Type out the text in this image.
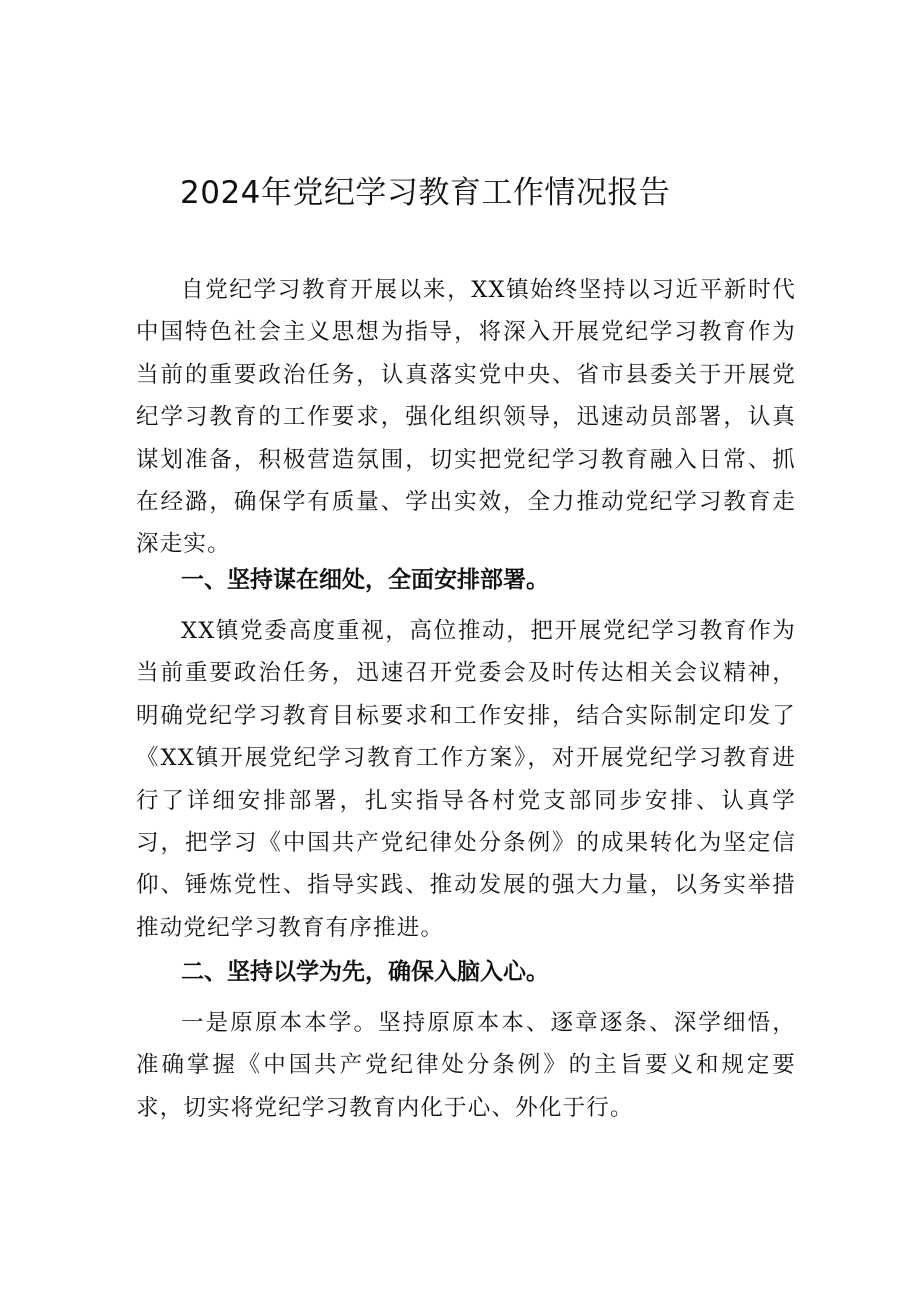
2024年党纪学习教育工作情况报告

自党纪学习教育开展以来，XX镇始终坚持以习近平新时代中国特色社会主义思想为指导，将深入开展党纪学习教育作为当前的重要政治任务，认真落实党中央、省市县委关于开展党纪学习教育的工作要求，强化组织领导，迅速动员部署，认真谋划准备，积极营造氛围，切实把党纪学习教育融入日常、抓在经潞，确保学有质量、学出实效，全力推动党纪学习教育走深走实。

一、坚持谋在细处，全面安排部署。

XX镇党委高度重视，高位推动，把开展党纪学习教育作为当前重要政治任务，迅速召开党委会及时传达相关会议精神，明确党纪学习教育目标要求和工作安排，结合实际制定印发了《XX镇开展党纪学习教育工作方案》，对开展党纪学习教育进行了详细安排部署，扎实指导各村党支部同步安排、认真学习，把学习《中国共产党纪律处分条例》的成果转化为坚定信仰、锤炼党性、指导实践、推动发展的强大力量，以务实举措推动党纪学习教育有序推进。

二、坚持以学为先，确保入脑入心。

一是原原本本学。坚持原原本本、逐章逐条、深学细悟，准确掌握《中国共产党纪律处分条例》的主旨要义和规定要求，切实将党纪学习教育内化于心、外化于行。
